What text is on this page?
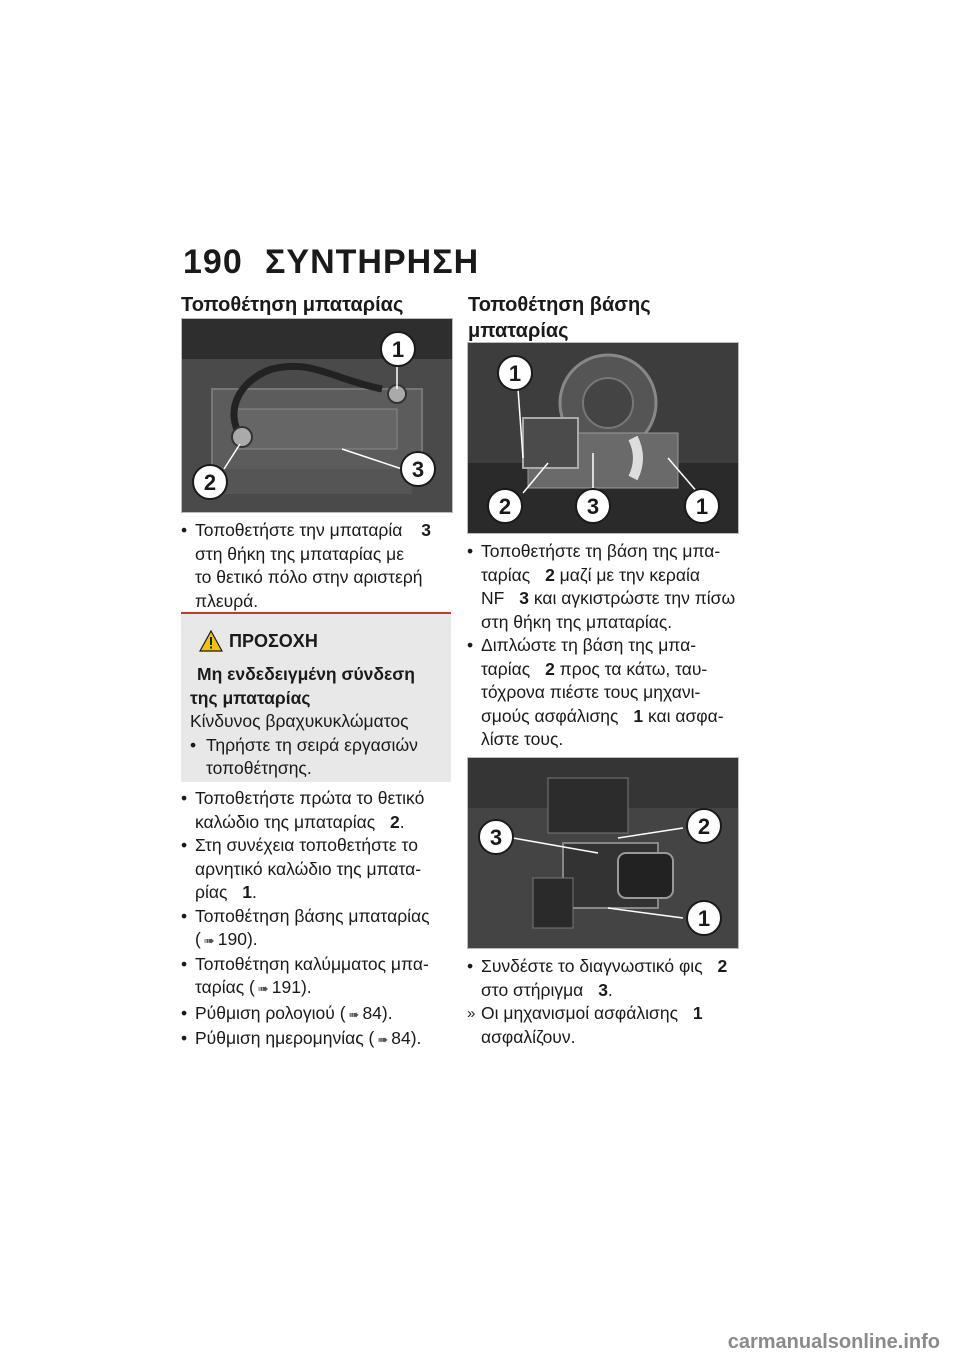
190 ΣΥΝΤΗΡΗΣΗ
Τοποθέτηση μπαταρίας
1
2
3

• Τοποθετήστε την μπαταρία 3
στη θήκη της μπαταρίας με
το θετικό πόλο στην αριστερή
πλευρά.

ΠΡΟΣΟΧΗ
Μη ενδεδειγμένη σύνδεση
της μπαταρίας
Κίνδυνος βραχυκυκλώματος
• Τηρήστε τη σειρά εργασιών
τοποθέτησης.

• Τοποθετήστε πρώτα το θετικό
καλώδιο της μπαταρίας 2.

• Στη συνέχεια τοποθετήστε το
αρνητικό καλώδιο της μπατα-
ρίας 1.

• Τοποθέτηση βάσης μπαταρίας
( ➠ 190).

• Τοποθέτηση καλύμματος μπα-
ταρίας ( ➠ 191).

• Ρύθμιση ρολογιού ( ➠ 84).

• Ρύθμιση ημερομηνίας ( ➠ 84).

Τοποθέτηση βάσης
μπαταρίας
1
2	3	1

• Τοποθετήστε τη βάση της μπα-
ταρίας 2 μαζί με την κεραία
NF 3 και αγκιστρώστε την πίσω
στη θήκη της μπαταρίας.

• Διπλώστε τη βάση της μπα-
ταρίας 2 προς τα κάτω, ταυ-
τόχρονα πιέστε τους μηχανι-
σμούς ασφάλισης 1 και ασφα-
λίστε τους.

3	2
1

• Συνδέστε το διαγνωστικό φις 2
στο στήριγμα 3.

» Οι μηχανισμοί ασφάλισης 1
ασφαλίζουν.

carmanualsonline.info
